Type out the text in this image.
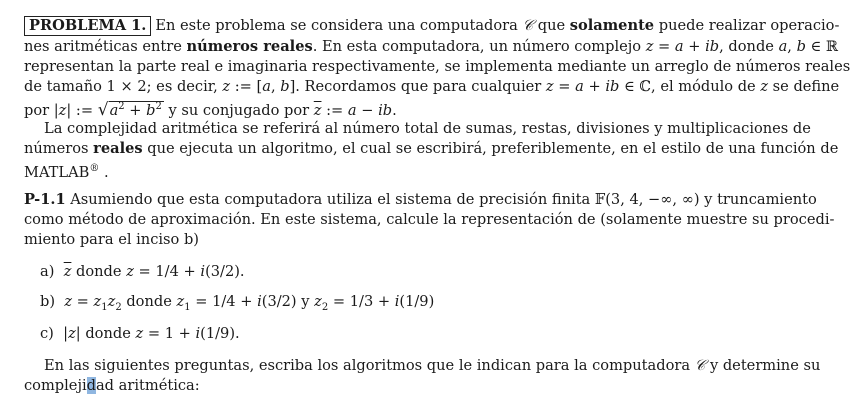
PROBLEMA 1. En este problema se considera una computadora 𝒞 que solamente puede realizar operacio-
nes aritméticas entre números reales. En esta computadora, un número complejo z = a + ib, donde a, b ∈ ℝ
representan la parte real e imaginaria respectivamente, se implementa mediante un arreglo de números reales
de tamaño 1 × 2; es decir, z := [a, b]. Recordamos que para cualquier z = a + ib ∈ ℂ, el módulo de z se define
por |z| := $√a^2 + b^2$ y su conjugado por $\overline{z}$ := a − ib.
La complejidad aritmética se referirá al número total de sumas, restas, divisiones y multiplicaciones de
números reales que ejecuta un algoritmo, el cual se escribirá, preferiblemente, en el estilo de una función de
MATLAB® .
P-1.1 Asumiendo que esta computadora utiliza el sistema de precisión finita 𝔽(3, 4, −∞, ∞) y truncamiento
como método de aproximación. En este sistema, calcule la representación de (solamente muestre su procedi-
miento para el inciso b)
a) $\overline{z}$ donde z = 1/4 + i(3/2).
b) $z = z_1z_2$ donde $z_1 = 1/4 + i(3/2)$ y $z_2 = 1/3 + i(1/9)$
c)  |z| donde z = 1 + i(1/9).
En las siguientes preguntas, escriba los algoritmos que le indican para la computadora 𝒞 y determine su
complejidad aritmética:
